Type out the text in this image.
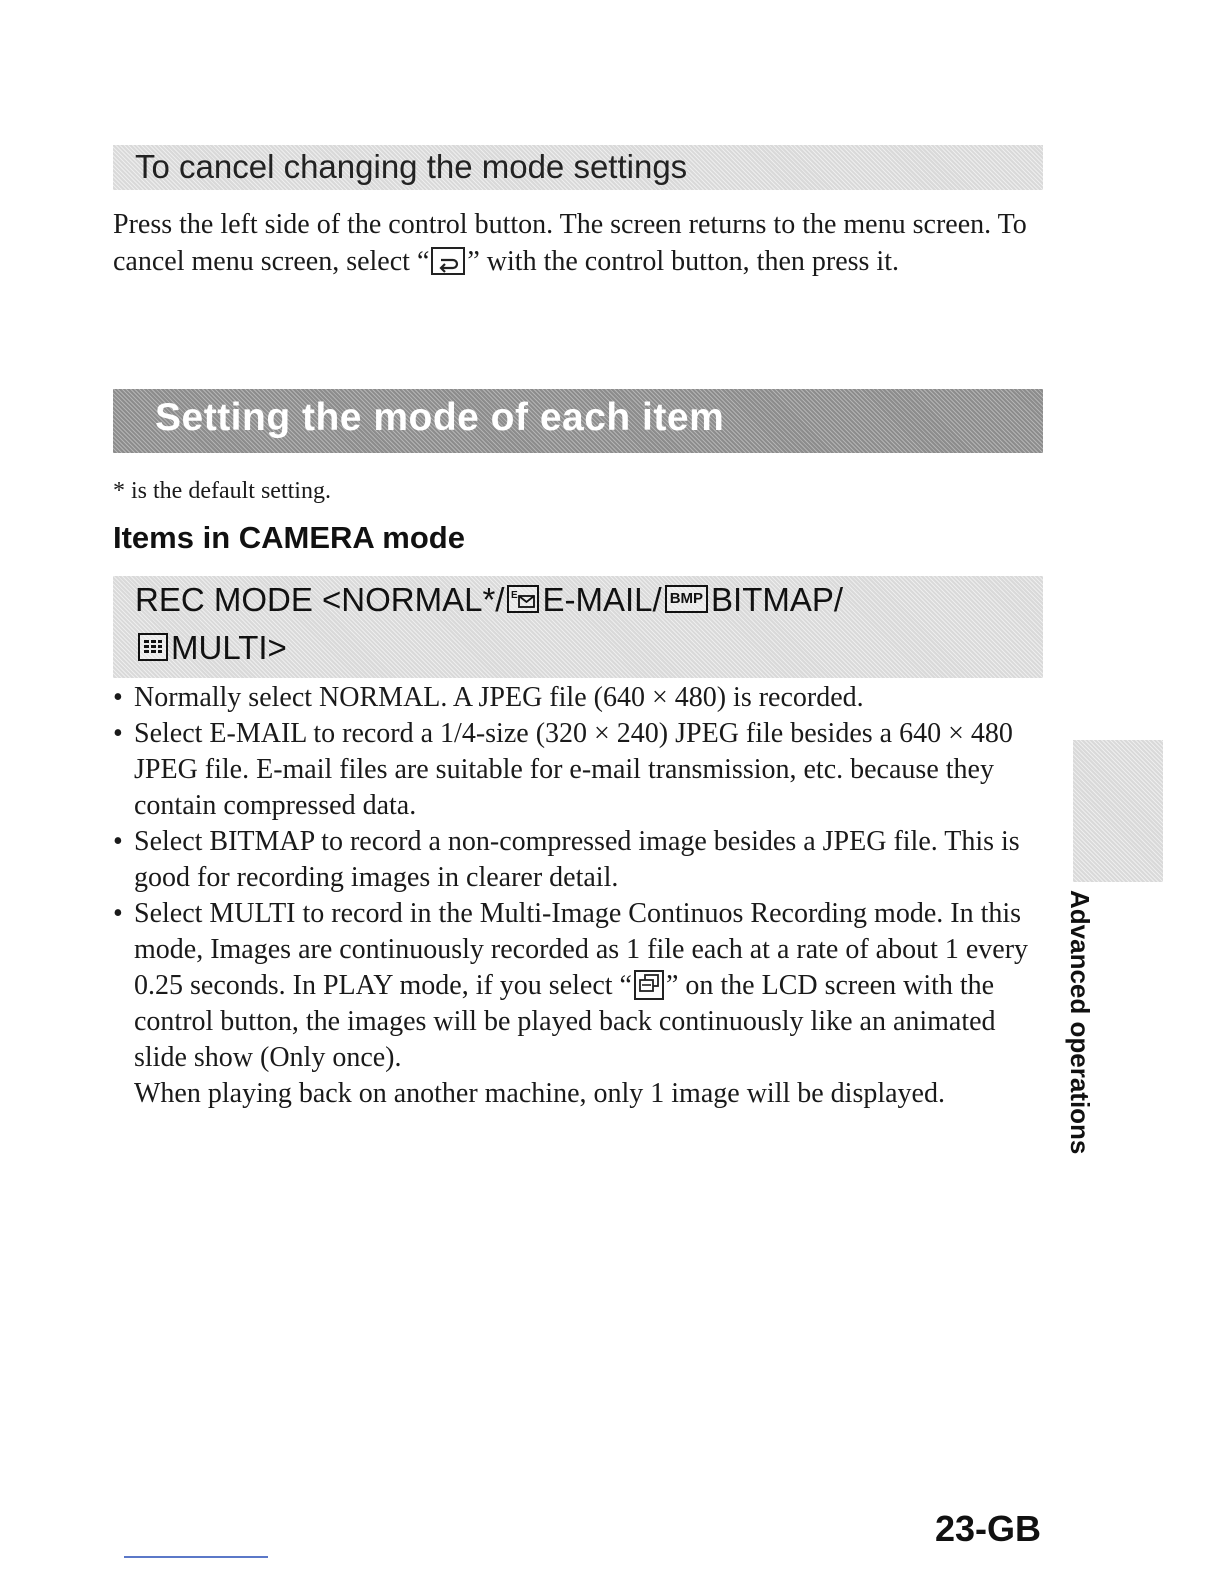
To cancel changing the mode settings
Press the left side of the control button. The screen returns to the menu screen. To cancel menu screen, select “ ” with the control button, then press it.
Setting the mode of each item
* is the default setting.
Items in CAMERA mode
REC MODE <NORMAL*/ E E-MAIL/ BMP BITMAP/
MULTI>
• Normally select NORMAL. A JPEG file (640 × 480) is recorded.

• Select E-MAIL to record a 1/4-size (320 × 240) JPEG file besides a 640 × 480 JPEG file. E-mail files are suitable for e-mail transmission, etc. because they contain compressed data.

• Select BITMAP to record a non-compressed image besides a JPEG file. This is good for recording images in clearer detail.

• Select MULTI to record in the Multi-Image Continuos Recording mode. In this mode, Images are continuously recorded as 1 file each at a rate of about 1 every 0.25 seconds. In PLAY mode, if you select “ ” on the LCD screen with the control button, the images will be played back continuously like an animated slide show (Only once).

When playing back on another machine, only 1 image will be displayed.	Advanced operations
23-GB
